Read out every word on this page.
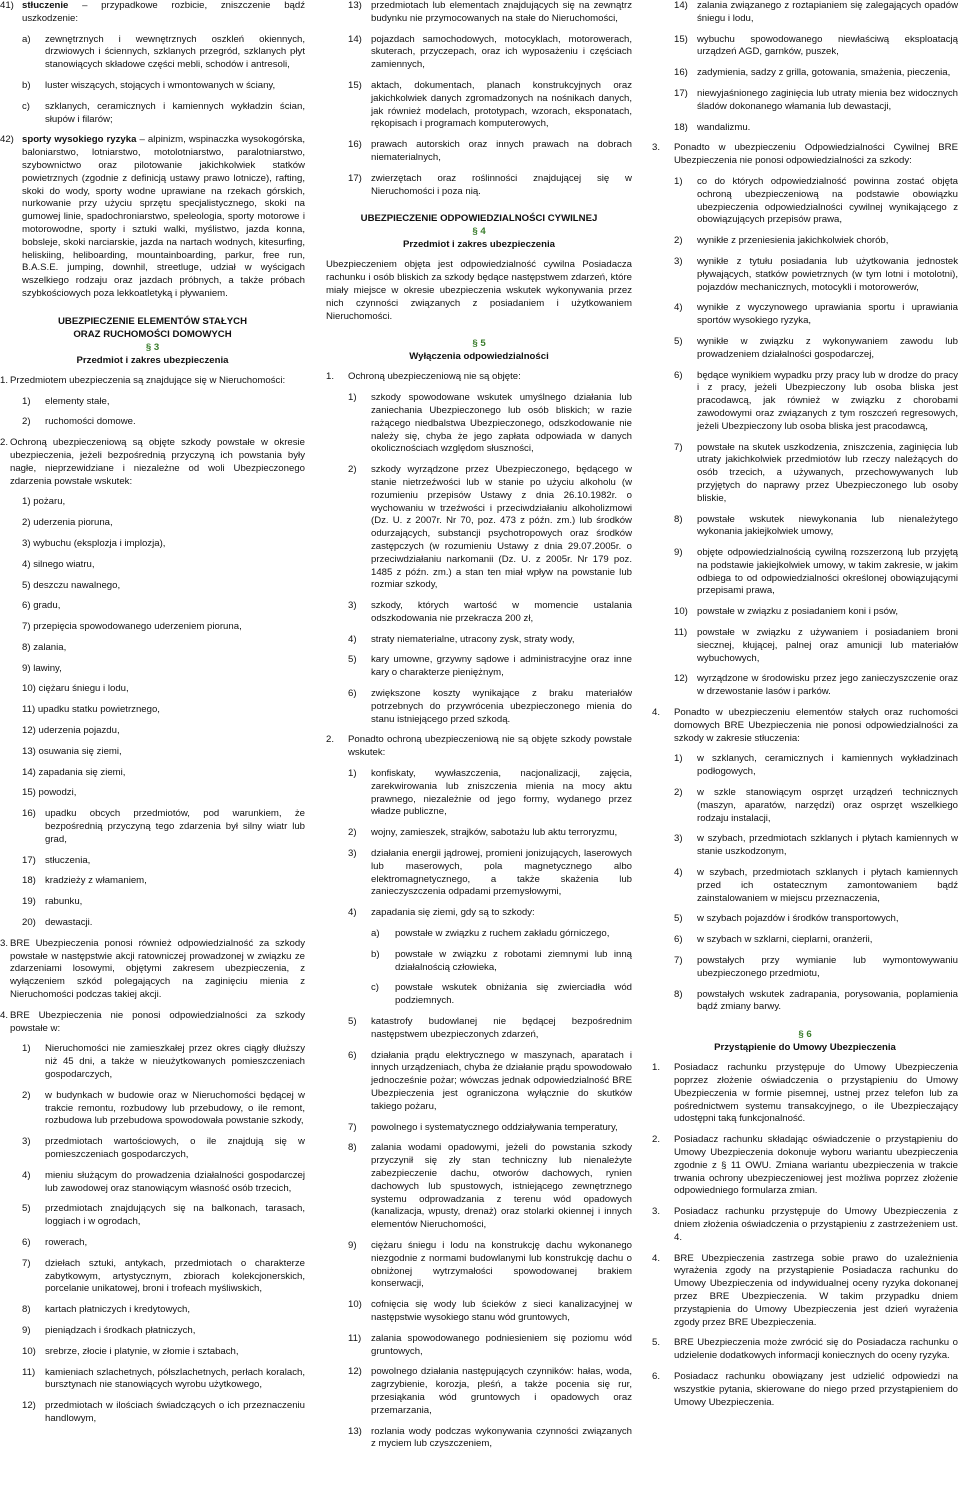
41) stłuczenie – przypadkowe rozbicie, zniszczenie bądź uszkodzenie:
a) zewnętrznych i wewnętrznych oszkleń okiennych, drzwiowych i ściennych, szklanych przegród, szklanych płyt stanowiących składowe części mebli, schodów i antresoli,
b) luster wiszących, stojących i wmontowanych w ściany,
c) szklanych, ceramicznych i kamiennych wykładzin ścian, słupów i filarów;
42) sporty wysokiego ryzyka – alpinizm, wspinaczka wysokogórska, baloniarstwo, lotniarstwo, motolotniarstwo, paralotniarstwo, szybownictwo oraz pilotowanie jakichkolwiek statków powietrznych (zgodnie z definicją ustawy prawo lotnicze), rafting, skoki do wody, sporty wodne uprawiane na rzekach górskich, nurkowanie przy użyciu sprzętu specjalistycznego, skoki na gumowej linie, spadochroniarstwo, speleologia, sporty motorowe i motorowodne, sporty i sztuki walki, myślistwo, jazda konna, bobsleje, skoki narciarskie, jazda na nartach wodnych, kitesurfing, heliskiing, heliboarding, mountainboarding, parkur, free run, B.A.S.E. jumping, downhil, streetluge, udział w wyścigach wszelkiego rodzaju oraz jazdach próbnych, a także próbach szybkościowych poza lekkoatletyką i pływaniem.
UBEZPIECZENIE ELEMENTÓW STAŁYCH
ORAZ RUCHOMOŚCI DOMOWYCH
§ 3
Przedmiot i zakres ubezpieczenia
1. Przedmiotem ubezpieczenia są znajdujące się w Nieruchomości:
1) elementy stałe,
2) ruchomości domowe.
2. Ochroną ubezpieczeniową są objęte szkody powstałe w okresie ubezpieczenia, jeżeli bezpośrednią przyczyną ich powstania były nagłe, nieprzewidziane i niezależne od woli Ubezpieczonego zdarzenia powstałe wskutek:
1) pożaru,
2) uderzenia pioruna,
3) wybuchu (eksplozja i implozja),
4) silnego wiatru,
5) deszczu nawalnego,
6) gradu,
7) przepięcia spowodowanego uderzeniem pioruna,
8) zalania,
9) lawiny,
10) ciężaru śniegu i lodu,
11) upadku statku powietrznego,
12) uderzenia pojazdu,
13) osuwania się ziemi,
14) zapadania się ziemi,
15) powodzi,
16) upadku obcych przedmiotów, pod warunkiem, że bezpośrednią przyczyną tego zdarzenia był silny wiatr lub grad,
17) stłuczenia,
18) kradzieży z włamaniem,
19) rabunku,
20) dewastacji.
3. BRE Ubezpieczenia ponosi również odpowiedzialność za szkody powstałe w następstwie akcji ratowniczej prowadzonej w związku ze zdarzeniami losowymi, objętymi zakresem ubezpieczenia, z wyłączeniem szkód polegających na zaginięciu mienia z Nieruchomości podczas takiej akcji.
4. BRE Ubezpieczenia nie ponosi odpowiedzialności za szkody powstałe w:
1) Nieruchomości nie zamieszkałej przez okres ciągły dłuższy niż 45 dni, a także w nieużytkowanych pomieszczeniach gospodarczych,
2) w budynkach w budowie oraz w Nieruchomości będącej w trakcie remontu, rozbudowy lub przebudowy, o ile remont, rozbudowa lub przebudowa spowodowała powstanie szkody,
3) przedmiotach wartościowych, o ile znajdują się w pomieszczeniach gospodarczych,
4) mieniu służącym do prowadzenia działalności gospodarczej lub zawodowej oraz stanowiącym własność osób trzecich,
5) przedmiotach znajdujących się na balkonach, tarasach, loggiach i w ogrodach,
6) rowerach,
7) dziełach sztuki, antykach, przedmiotach o charakterze zabytkowym, artystycznym, zbiorach kolekcjonerskich, porcelanie unikatowej, broni i trofeach myśliwskich,
8) kartach płatniczych i kredytowych,
9) pieniądzach i środkach płatniczych,
10) srebrze, złocie i platynie, w złomie i sztabach,
11) kamieniach szlachetnych, półszlachetnych, perłach koralach, bursztynach nie stanowiących wyrobu użytkowego,
12) przedmiotach w ilościach świadczących o ich przeznaczeniu handlowym,
13) przedmiotach lub elementach znajdujących się na zewnątrz budynku nie przymocowanych na stałe do Nieruchomości,
14) pojazdach samochodowych, motocyklach, motorowerach, skuterach, przyczepach, oraz ich wyposażeniu i częściach zamiennych,
15) aktach, dokumentach, planach konstrukcyjnych oraz jakichkolwiek danych zgromadzonych na nośnikach danych, jak również modelach, prototypach, wzorach, eksponatach, rękopisach i programach komputerowych,
16) prawach autorskich oraz innych prawach na dobrach niematerialnych,
17) zwierzętach oraz roślinności znajdującej się w Nieruchomości i poza nią.
UBEZPIECZENIE ODPOWIEDZIALNOŚCI CYWILNEJ
§ 4
Przedmiot i zakres ubezpieczenia
Ubezpieczeniem objęta jest odpowiedzialność cywilna Posiadacza rachunku i osób bliskich za szkody będące następstwem zdarzeń, które miały miejsce w okresie ubezpieczenia wskutek wykonywania przez nich czynności związanych z posiadaniem i użytkowaniem Nieruchomości.
§ 5
Wyłączenia odpowiedzialności
1. Ochroną ubezpieczeniową nie są objęte:
1) szkody spowodowane wskutek umyślnego działania lub zaniechania Ubezpieczonego lub osób bliskich; w razie rażącego niedbalstwa Ubezpieczonego, odszkodowanie nie należy się, chyba że jego zapłata odpowiada w danych okolicznościach względom słuszności,
2) szkody wyrządzone przez Ubezpieczonego, będącego w stanie nietrzeźwości lub w stanie po użyciu alkoholu (w rozumieniu przepisów Ustawy z dnia 26.10.1982r. o wychowaniu w trzeźwości i przeciwdziałaniu alkoholizmowi (Dz. U. z 2007r. Nr 70, poz. 473 z późn. zm.) lub środków odurzających, substancji psychotropowych oraz środków zastępczych (w rozumieniu Ustawy z dnia 29.07.2005r. o przeciwdziałaniu narkomanii (Dz. U. z 2005r. Nr 179 poz. 1485 z późn. zm.) a stan ten miał wpływ na powstanie lub rozmiar szkody,
3) szkody, których wartość w momencie ustalania odszkodowania nie przekracza 200 zł,
4) straty niematerialne, utracony zysk, straty wody,
5) kary umowne, grzywny sądowe i administracyjne oraz inne kary o charakterze pieniężnym,
6) zwiększone koszty wynikające z braku materiałów potrzebnych do przywrócenia ubezpieczonego mienia do stanu istniejącego przed szkodą.
2. Ponadto ochroną ubezpieczeniową nie są objęte szkody powstałe wskutek:
1) konfiskaty, wywłaszczenia, nacjonalizacji, zajęcia, zarekwirowania lub zniszczenia mienia na mocy aktu prawnego, niezależnie od jego formy, wydanego przez władze publiczne,
2) wojny, zamieszek, strajków, sabotażu lub aktu terroryzmu,
3) działania energii jądrowej, promieni jonizujących, laserowych lub maserowych, pola magnetycznego albo elektromagnetycznego, a także skażenia lub zanieczyszczenia odpadami przemysłowymi,
4) zapadania się ziemi, gdy są to szkody:
a) powstałe w związku z ruchem zakładu górniczego,
b) powstałe w związku z robotami ziemnymi lub inną działalnością człowieka,
c) powstałe wskutek obniżania się zwierciadła wód podziemnych.
5) katastrofy budowlanej nie będącej bezpośrednim następstwem ubezpieczonych zdarzeń,
6) działania prądu elektrycznego w maszynach, aparatach i innych urządzeniach, chyba że działanie prądu spowodowało jednocześnie pożar; wówczas jednak odpowiedzialność BRE Ubezpieczenia jest ograniczona wyłącznie do skutków takiego pożaru,
7) powolnego i systematycznego oddziaływania temperatury,
8) zalania wodami opadowymi, jeżeli do powstania szkody przyczynił się zły stan techniczny lub nienależyte zabezpieczenie dachu, otworów dachowych, rynien dachowych lub spustowych, istniejącego zewnętrznego systemu odprowadzania z terenu wód opadowych (kanalizacja, wpusty, drenaż) oraz stolarki okiennej i innych elementów Nieruchomości,
9) ciężaru śniegu i lodu na konstrukcję dachu wykonanego niezgodnie z normami budowlanymi lub konstrukcję dachu o obniżonej wytrzymałości spowodowanej brakiem konserwacji,
10) cofnięcia się wody lub ścieków z sieci kanalizacyjnej w następstwie wysokiego stanu wód gruntowych,
11) zalania spowodowanego podniesieniem się poziomu wód gruntowych,
12) powolnego działania następujących czynników: hałas, woda, zagrzybienie, korozja, pleśń, a także pocenia się rur, przesiąkania wód gruntowych i opadowych oraz przemarzania,
13) rozlania wody podczas wykonywania czynności związanych z myciem lub czyszczeniem,
14) zalania związanego z roztapianiem się zalegających opadów śniegu i lodu,
15) wybuchu spowodowanego niewłaściwą eksploatacją urządzeń AGD, garnków, puszek,
16) zadymienia, sadzy z grilla, gotowania, smażenia, pieczenia,
17) niewyjaśnionego zaginięcia lub utraty mienia bez widocznych śladów dokonanego włamania lub dewastacji,
18) wandalizmu.
3. Ponadto w ubezpieczeniu Odpowiedzialności Cywilnej BRE Ubezpieczenia nie ponosi odpowiedzialności za szkody:
1) co do których odpowiedzialność powinna zostać objęta ochroną ubezpieczeniową na podstawie obowiązku ubezpieczenia odpowiedzialności cywilnej wynikającego z obowiązujących przepisów prawa,
2) wynikłe z przeniesienia jakichkolwiek chorób,
3) wynikłe z tytułu posiadania lub użytkowania jednostek pływających, statków powietrznych (w tym lotni i motolotni), pojazdów mechanicznych, motocykli i motorowerów,
4) wynikłe z wyczynowego uprawiania sportu i uprawiania sportów wysokiego ryzyka,
5) wynikłe w związku z wykonywaniem zawodu lub prowadzeniem działalności gospodarczej,
6) będące wynikiem wypadku przy pracy lub w drodze do pracy i z pracy, jeżeli Ubezpieczony lub osoba bliska jest pracodawcą, jak również w związku z chorobami zawodowymi oraz związanych z tym roszczeń regresowych, jeżeli Ubezpieczony lub osoba bliska jest pracodawcą,
7) powstałe na skutek uszkodzenia, zniszczenia, zaginięcia lub utraty jakichkolwiek przedmiotów lub rzeczy należących do osób trzecich, a używanych, przechowywanych lub przyjętych do naprawy przez Ubezpieczonego lub osoby bliskie,
8) powstałe wskutek niewykonania lub nienależytego wykonania jakiejkolwiek umowy,
9) objęte odpowiedzialnością cywilną rozszerzoną lub przyjętą na podstawie jakiejkolwiek umowy, w takim zakresie, w jakim odbiega to od odpowiedzialności określonej obowiązującymi przepisami prawa,
10) powstałe w związku z posiadaniem koni i psów,
11) powstałe w związku z używaniem i posiadaniem broni siecznej, kłującej, palnej oraz amunicji lub materiałów wybuchowych,
12) wyrządzone w środowisku przez jego zanieczyszczenie oraz w drzewostanie lasów i parków.
4. Ponadto w ubezpieczeniu elementów stałych oraz ruchomości domowych BRE Ubezpieczenia nie ponosi odpowiedzialności za szkody w zakresie stłuczenia:
1) w szklanych, ceramicznych i kamiennych wykładzinach podłogowych,
2) w szkle stanowiącym osprzęt urządzeń technicznych (maszyn, aparatów, narzędzi) oraz osprzęt wszelkiego rodzaju instalacji,
3) w szybach, przedmiotach szklanych i płytach kamiennych w stanie uszkodzonym,
4) w szybach, przedmiotach szklanych i płytach kamiennych przed ich ostatecznym zamontowaniem bądź zainstalowaniem w miejscu przeznaczenia,
5) w szybach pojazdów i środków transportowych,
6) w szybach w szklarni, cieplarni, oranżerii,
7) powstałych przy wymianie lub wymontowywaniu ubezpieczonego przedmiotu,
8) powstałych wskutek zadrapania, porysowania, poplamienia bądź zmiany barwy.
§ 6
Przystąpienie do Umowy Ubezpieczenia
1. Posiadacz rachunku przystępuje do Umowy Ubezpieczenia poprzez złożenie oświadczenia o przystąpieniu do Umowy Ubezpieczenia w formie pisemnej, ustnej przez telefon lub za pośrednictwem systemu transakcyjnego, o ile Ubezpieczający udostępni taką funkcjonalność.
2. Posiadacz rachunku składając oświadczenie o przystąpieniu do Umowy Ubezpieczenia dokonuje wyboru wariantu ubezpieczenia zgodnie z § 11 OWU. Zmiana wariantu ubezpieczenia w trakcie trwania ochrony ubezpieczeniowej jest możliwa poprzez złożenie odpowiedniego formularza zmian.
3. Posiadacz rachunku przystępuje do Umowy Ubezpieczenia z dniem złożenia oświadczenia o przystąpieniu z zastrzeżeniem ust. 4.
4. BRE Ubezpieczenia zastrzega sobie prawo do uzależnienia wyrażenia zgody na przystąpienie Posiadacza rachunku do Umowy Ubezpieczenia od indywidualnej oceny ryzyka dokonanej przez BRE Ubezpieczenia. W takim przypadku dniem przystąpienia do Umowy Ubezpieczenia jest dzień wyrażenia zgody przez BRE Ubezpieczenia.
5. BRE Ubezpieczenia może zwrócić się do Posiadacza rachunku o udzielenie dodatkowych informacji koniecznych do oceny ryzyka.
6. Posiadacz rachunku obowiązany jest udzielić odpowiedzi na wszystkie pytania, skierowane do niego przed przystąpieniem do Umowy Ubezpieczenia.
